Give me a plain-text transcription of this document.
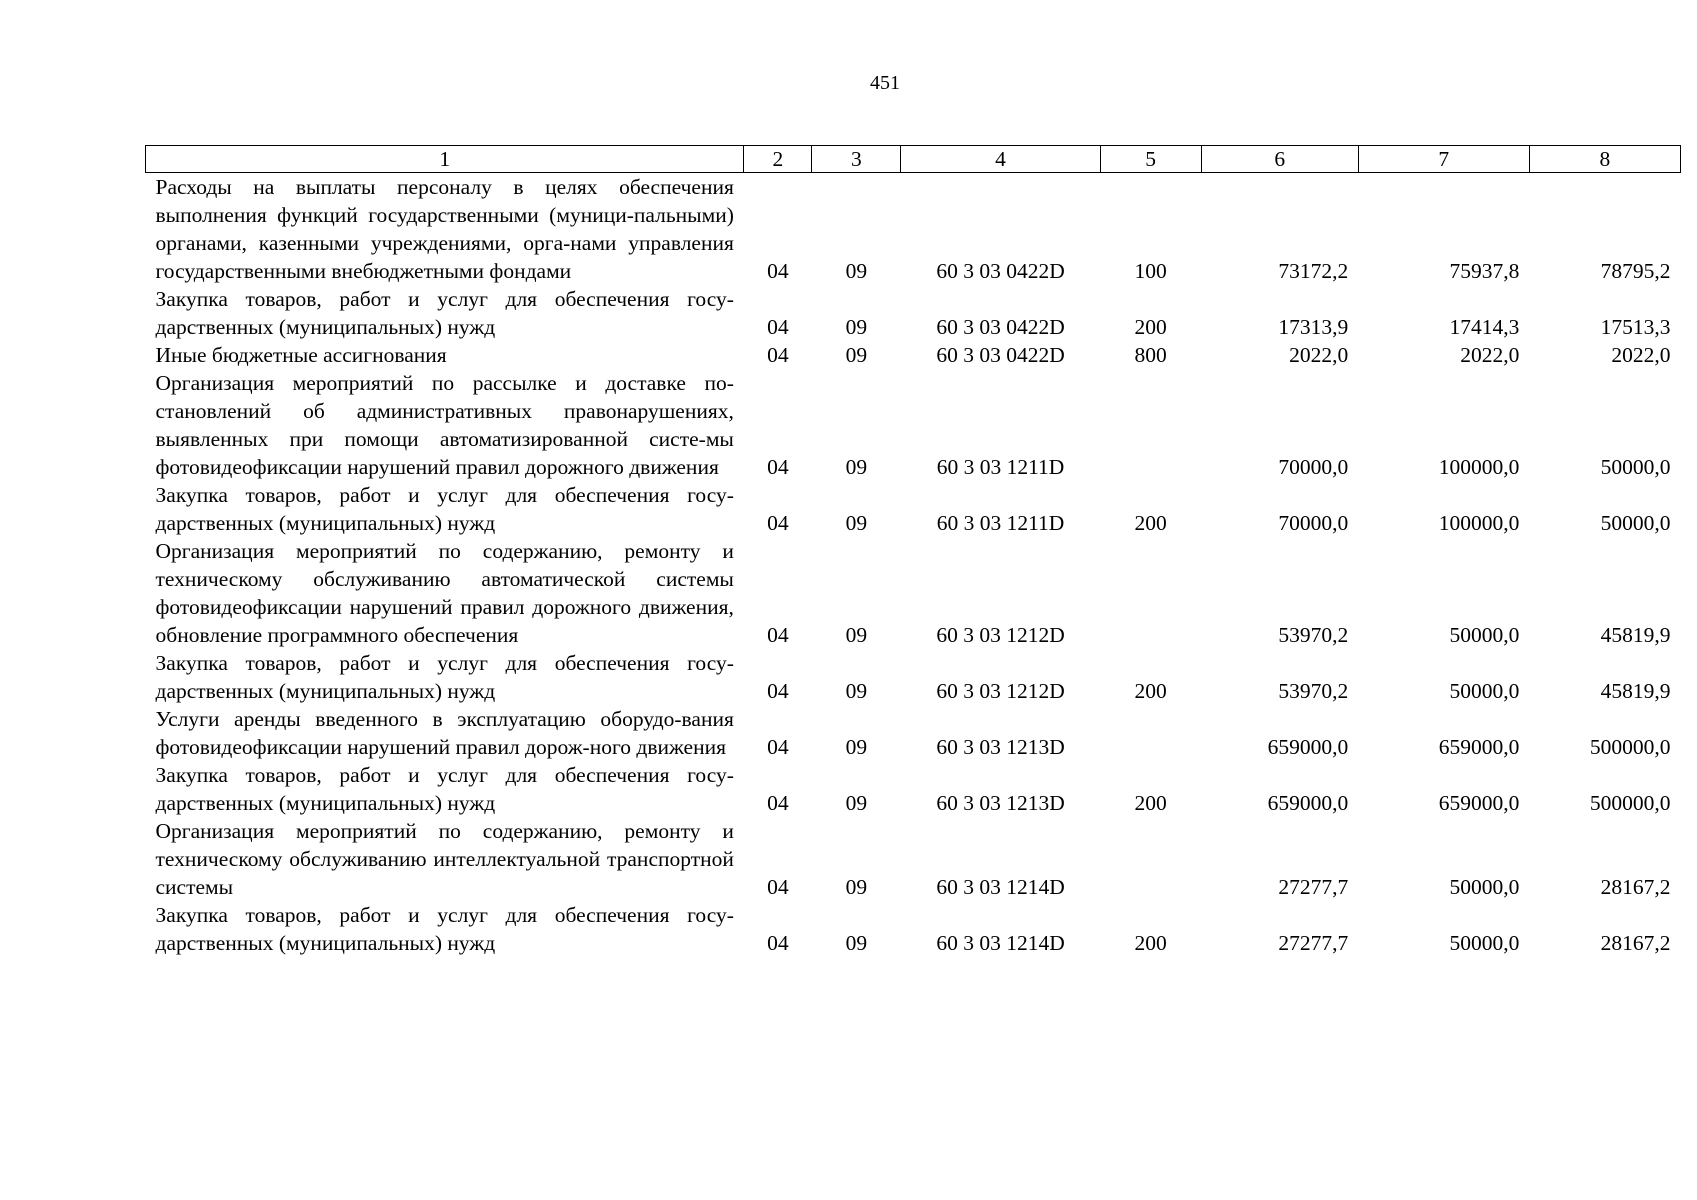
451
1	2	3	4	5	6	7	8
Расходы на выплаты персоналу в целях обеспечения выполнения функций государственными (муници-пальными) органами, казенными учреждениями, орга-нами управления государственными внебюджетными фондами	04	09	60 3 03 0422D	100	73172,2	75937,8	78795,2
Закупка товаров, работ и услуг для обеспечения госу-дарственных (муниципальных) нужд	04	09	60 3 03 0422D	200	17313,9	17414,3	17513,3
Иные бюджетные ассигнования	04	09	60 3 03 0422D	800	2022,0	2022,0	2022,0
Организация мероприятий по рассылке и доставке по-становлений об административных правонарушениях, выявленных при помощи автоматизированной систе-мы фотовидеофиксации нарушений правил дорожного движения	04	09	60 3 03 1211D		70000,0	100000,0	50000,0
Закупка товаров, работ и услуг для обеспечения госу-дарственных (муниципальных) нужд	04	09	60 3 03 1211D	200	70000,0	100000,0	50000,0
Организация мероприятий по содержанию, ремонту и техническому обслуживанию автоматической системы фотовидеофиксации нарушений правил дорожного движения, обновление программного обеспечения	04	09	60 3 03 1212D		53970,2	50000,0	45819,9
Закупка товаров, работ и услуг для обеспечения госу-дарственных (муниципальных) нужд	04	09	60 3 03 1212D	200	53970,2	50000,0	45819,9
Услуги аренды введенного в эксплуатацию оборудо-вания фотовидеофиксации нарушений правил дорож-ного движения	04	09	60 3 03 1213D		659000,0	659000,0	500000,0
Закупка товаров, работ и услуг для обеспечения госу-дарственных (муниципальных) нужд	04	09	60 3 03 1213D	200	659000,0	659000,0	500000,0
Организация мероприятий по содержанию, ремонту и техническому обслуживанию интеллектуальной транспортной системы	04	09	60 3 03 1214D		27277,7	50000,0	28167,2
Закупка товаров, работ и услуг для обеспечения госу-дарственных (муниципальных) нужд	04	09	60 3 03 1214D	200	27277,7	50000,0	28167,2
